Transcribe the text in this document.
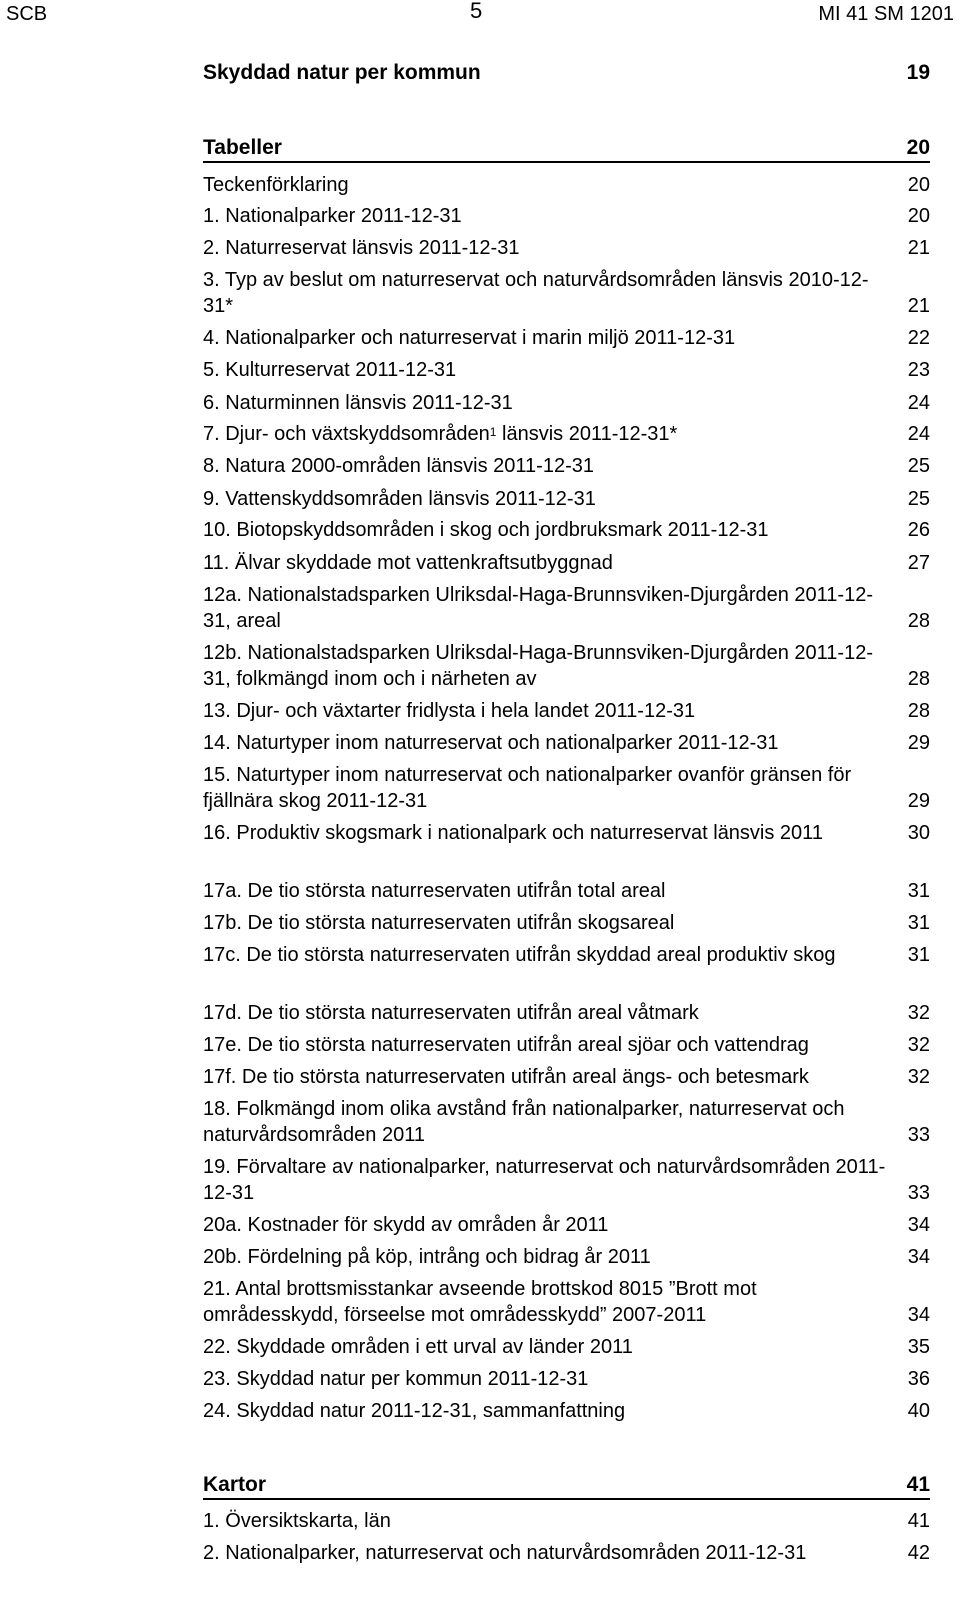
SCB	5	MI 41 SM 1201
Skyddad natur per kommun	19
Tabeller	20
Teckenförklaring	20
1. Nationalparker 2011-12-31	20
2. Naturreservat länsvis 2011-12-31	21
3. Typ av beslut om naturreservat och naturvårdsområden länsvis 2010-12-31*	21
4. Nationalparker och naturreservat i marin miljö 2011-12-31	22
5. Kulturreservat 2011-12-31	23
6. Naturminnen länsvis 2011-12-31	24
7. Djur- och växtskyddsområden$^1$ länsvis 2011-12-31*	24
8. Natura 2000-områden länsvis 2011-12-31	25
9. Vattenskyddsområden länsvis 2011-12-31	25
10. Biotopskyddsområden i skog och jordbruksmark 2011-12-31	26
11. Älvar skyddade mot vattenkraftsutbyggnad	27
12a. Nationalstadsparken Ulriksdal-Haga-Brunnsviken-Djurgården 2011-12-31, areal	28
12b. Nationalstadsparken Ulriksdal-Haga-Brunnsviken-Djurgården 2011-12-31, folkmängd inom och i närheten av	28
13. Djur- och växtarter fridlysta i hela landet 2011-12-31	28
14. Naturtyper inom naturreservat och nationalparker 2011-12-31	29
15. Naturtyper inom naturreservat och nationalparker ovanför gränsen för fjällnära skog 2011-12-31	29
16. Produktiv skogsmark i nationalpark och naturreservat länsvis 2011	30
17a. De tio största naturreservaten utifrån total areal	31
17b. De tio största naturreservaten utifrån skogsareal	31
17c. De tio största naturreservaten utifrån skyddad areal produktiv skog	31
17d. De tio största naturreservaten utifrån areal våtmark	32
17e. De tio största naturreservaten utifrån areal sjöar och vattendrag	32
17f. De tio största naturreservaten utifrån areal ängs- och betesmark	32
18. Folkmängd inom olika avstånd från nationalparker, naturreservat och naturvårdsområden 2011	33
19. Förvaltare av nationalparker, naturreservat och naturvårdsområden 2011-12-31	33
20a. Kostnader för skydd av områden år 2011	34
20b. Fördelning på köp, intrång och bidrag år 2011	34
21. Antal brottsmisstankar avseende brottskod 8015 ”Brott mot områdesskydd, förseelse mot områdesskydd” 2007-2011	34
22. Skyddade områden i ett urval av länder 2011	35
23. Skyddad natur per kommun 2011-12-31	36
24. Skyddad natur 2011-12-31, sammanfattning	40
Kartor	41
1. Översiktskarta, län	41
2. Nationalparker, naturreservat och naturvårdsområden 2011-12-31	42
